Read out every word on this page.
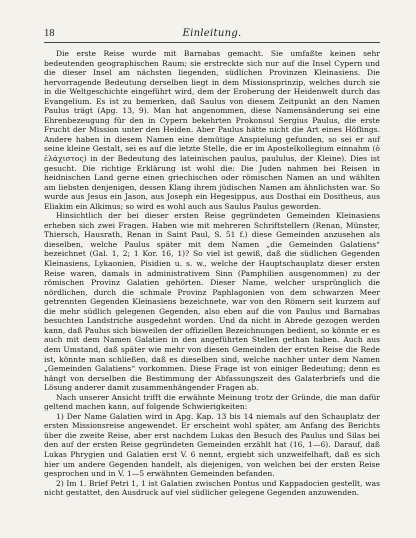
18	Einleitung.

Die erste Reise wurde mit Barnabas gemacht. Sie umfaßte keinen sehr bedeutenden geographischen Raum; sie erstreckte sich nur auf die Insel Cypern und die dieser Insel am nächsten liegenden, südlichen Provinzen Kleinasiens. Die hervorragende Bedeutung derselben liegt in dem Missionsprinzip, welches durch sie in die Weltgeschichte eingeführt wird, dem der Eroberung der Heidenwelt durch das Evangelium. Es ist zu bemerken, daß Saulus von diesem Zeitpunkt an den Namen Paulus trägt (Apg. 13, 9). Man hat angenommen, diese Namensänderung sei eine Ehrenbezeugung für den in Cypern bekehrten Prokonsul Sergius Paulus, die erste Frucht der Mission unter den Heiden. Aber Paulus hätte nicht die Art eines Höflings. Andere haben in diesem Namen eine demütige Anspielung gefunden, so sei er auf seine kleine Gestalt, sei es auf die letzte Stelle, die er im Apostelkollegium einnahm (ὁ ἐλάχιστος) in der Bedeutung des lateinischen paulus, paululus, der Kleine). Dies ist gesucht. Die richtige Erklärung ist wohl die: Die Juden nahmen bei Reisen in heidnischen Land gerne einen griechischen oder römischen Namen an und wählten am liebsten denjenigen, dessen Klang ihrem jüdischen Namen am ähnlichsten war. So wurde aus Jesus ein Jason, aus Joseph ein Hegesippus, aus Dosthai ein Dositheus, aus Eliakim ein Alkimus; so wird es wohl auch aus Saulus Paulus geworden.

Hinsichtlich der bei dieser ersten Reise gegründeten Gemeinden Kleinasiens erheben sich zwei Fragen. Haben wie mit mehreren Schriftstellern (Renan, Münster, Thiersch, Hausrath, Renan in Saint Paul, S. 51 f.) diese Gemeinden anzusehen als dieselben, welche Paulus später mit dem Namen „die Gemeinden Galatiens“ bezeichnet (Gal. 1, 2; 1 Kor. 16, 1)? So viel ist gewiß, daß die südlichen Gegenden Kleinasiens, Lykaonien, Pisidien u. s. w., welche der Hauptschauplatz dieser ersten Reise waren, damals in administrativem Sinn (Pamphilien ausgenommen) zu der römischen Provinz Galatien gehörten. Dieser Name, welcher ursprünglich die nördlichen, durch die schmale Provinz Paphlagonien von dem schwarzen Meer getrennten Gegenden Kleinasiens bezeichnete, war von den Römern seit kurzem auf die mehr südlich gelegenen Gegenden, also eben auf die von Paulus und Barnabas besuchten Landstriche ausgedehnt worden. Und da nicht in Abrede gezogen werden kann, daß Paulus sich bisweilen der offiziellen Bezeichnungen bedient, so könnte er es auch mit dem Namen Galatien in den angeführten Stellen gethan haben. Auch aus dem Umstand, daß später wie mehr von diesen Gemeinden der ersten Reise die Rede ist, könnte man schließen, daß es dieselben sind, welche nachher unter dem Namen „Gemeinden Galatiens“ vorkommen. Diese Frage ist von einiger Bedeutung; denn es hängt von derselben die Bestimmung der Abfassungszeit des Galaterbriefs und die Lösung anderer damit zusammenhängender Fragen ab.

Nach unserer Ansicht trifft die erwähnte Meinung trotz der Gründe, die man dafür geltend machen kann, auf folgende Schwierigkeiten:

1) Der Name Galatien wird in Apg. Kap. 13 bis 14 niemals auf den Schauplatz der ersten Missionsreise angewendet. Er erscheint wohl später, am Anfang des Berichts über die zweite Reise, aber erst nachdem Lukas den Besuch des Paulus und Silas bei den auf der ersten Reise gegründeten Gemeinden erzählt hat (16, 1—6). Darauf, daß Lukas Phrygien und Galatien erst V. 6 nennt, ergiebt sich unzweifelhaft, daß es sich hier um andere Gegenden handelt, als diejenigen, von welchen bei der ersten Reise gesprochen und in V. 1—5 erwähnten Gemeinden befanden.

2) Im 1. Brief Petri 1, 1 ist Galatien zwischen Pontus und Kappadocien gestellt, was nicht gestattet, den Ausdruck auf viel südlicher gelegene Gegenden anzuwenden.
